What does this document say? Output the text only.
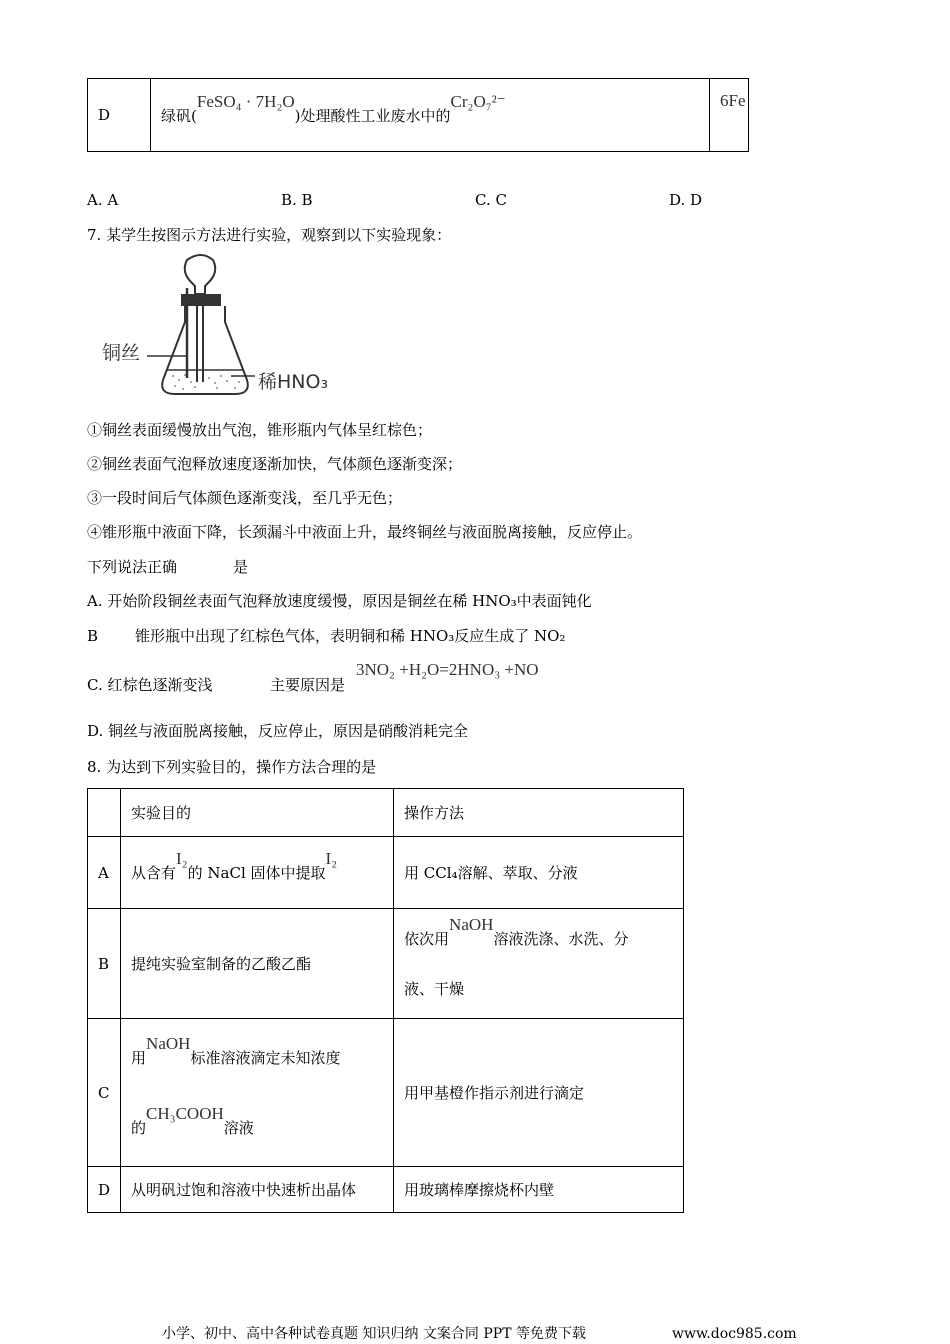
D	绿矾(FeSO₄ · 7H₂O)处理酸性工业废水中的Cr₂O₇²⁻	6Fe
A. A	B. B	C. C	D. D
7. 某学生按图示方法进行实验，观察到以下实验现象：
铜丝
稀HNO₃
①铜丝表面缓慢放出气泡，锥形瓶内气体呈红棕色；
②铜丝表面气泡释放速度逐渐加快，气体颜色逐渐变深；
③一段时间后气体颜色逐渐变浅，至几乎无色；
④锥形瓶中液面下降，长颈漏斗中液面上升，最终铜丝与液面脱离接触，反应停止。
下列说法正确	是
A. 开始阶段铜丝表面气泡释放速度缓慢，原因是铜丝在稀 HNO₃中表面钝化
B 锥形瓶中出现了红棕色气体，表明铜和稀 HNO₃反应生成了 NO₂
C. 红棕色逐渐变浅	主要原因是
3NO₂ +H₂O=2HNO₃ +NO
D. 铜丝与液面脱离接触，反应停止，原因是硝酸消耗完全
8. 为达到下列实验目的，操作方法合理的是
	实验目的	操作方法
A	从含有I₂的 NaCl 固体中提取I₂	用 CCl₄溶解、萃取、分液
B	提纯实验室制备的乙酸乙酯	依次用NaOH溶液洗涤、水洗、分
液、干燥

C	用NaOH标准溶液滴定未知浓度
的CH₃COOH溶液	用甲基橙作指示剂进行滴定
D	从明矾过饱和溶液中快速析出晶体	用玻璃棒摩擦烧杯内壁
小学、初中、高中各种试卷真题 知识归纳 文案合同 PPT 等免费下载	www.doc985.com
